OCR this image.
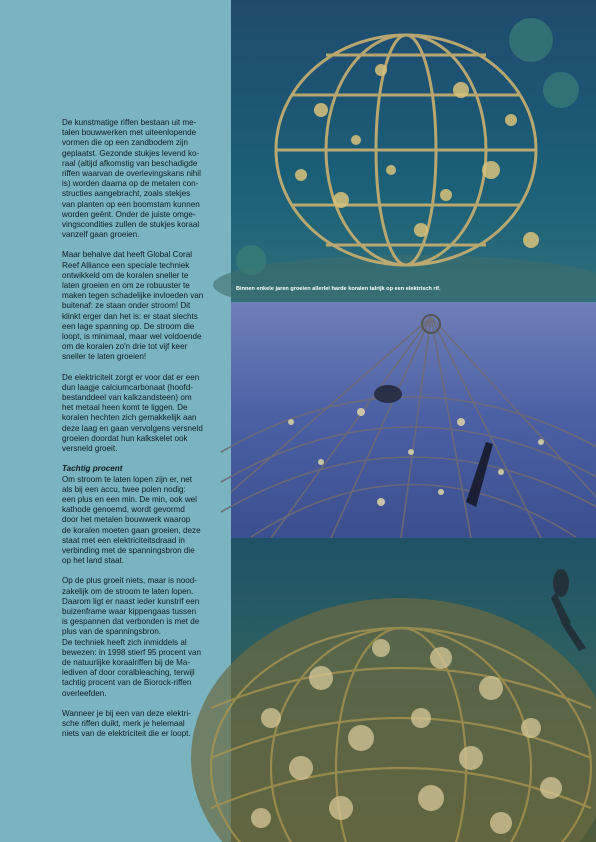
De kunstmatige riffen bestaan uit me-
talen bouwwerken met uiteenlopende
vormen die op een zandbodem zijn
geplaatst. Gezonde stukjes levend ko-
raal (altijd afkomstig van beschadigde
riffen waarvan de overlevingskans nihil
is) worden daarna op de metalen con-
structies aangebracht, zoals stekjes
van planten op een boomstam kunnen
worden geënt. Onder de juiste omge-
vingscondities zullen de stukjes koraal
vanzelf gaan groeien.

Maar behalve dat heeft Global Coral
Reef Alliance een speciale techniek
ontwikkeld om de koralen sneller te
laten groeien en om ze robuuster te
maken tegen schadelijke invloeden van
buitenaf: ze staan onder stroom! Dit
klinkt erger dan het is: er staat slechts
een lage spanning op. De stroom die
loopt, is minimaal, maar wel voldoende
om de koralen zo'n drie tot vijf keer
sneller te laten groeien!

De elektriciteit zorgt er voor dat er een
dun laagje calciumcarbonaat (hoofd-
bestanddeel van kalkzandsteen) om
het metaal heen komt te liggen. De
koralen hechten zich gemakkelijk aan
deze laag en gaan vervolgens versneld
groeien doordat hun kalkskelet ook
versneld groeit.

Tachtig procent

Om stroom te laten lopen zijn er, net
als bij een accu, twee polen nodig:
een plus en een min. De min, ook wel
kathode genoemd, wordt gevormd
door het metalen bouwwerk waarop
de koralen moeten gaan groeien, deze
staat met een elektriciteitsdraad in
verbinding met de spanningsbron die
op het land staat.

Op de plus groeit niets, maar is nood-
zakelijk om de stroom te laten lopen.
Daarom ligt er naast ieder kunstrif een
buizenframe waar kippengaas tussen
is gespannen dat verbonden is met de
plus van de spanningsbron.
De techniek heeft zich inmiddels al
bewezen: in 1998 stierf 95 procent van
de natuurlijke koraalriffen bij de Ma-
lediven af door coralbleaching, terwijl
tachtig procent van de Biorock-riffen
overleefden.

Wanneer je bij een van deze elektri-
sche riffen duikt, merk je helemaal
niets van de elektriciteit die er loopt.

Binnen enkele jaren groeien allerlei harde koralen talrijk op een elektrisch rif.
